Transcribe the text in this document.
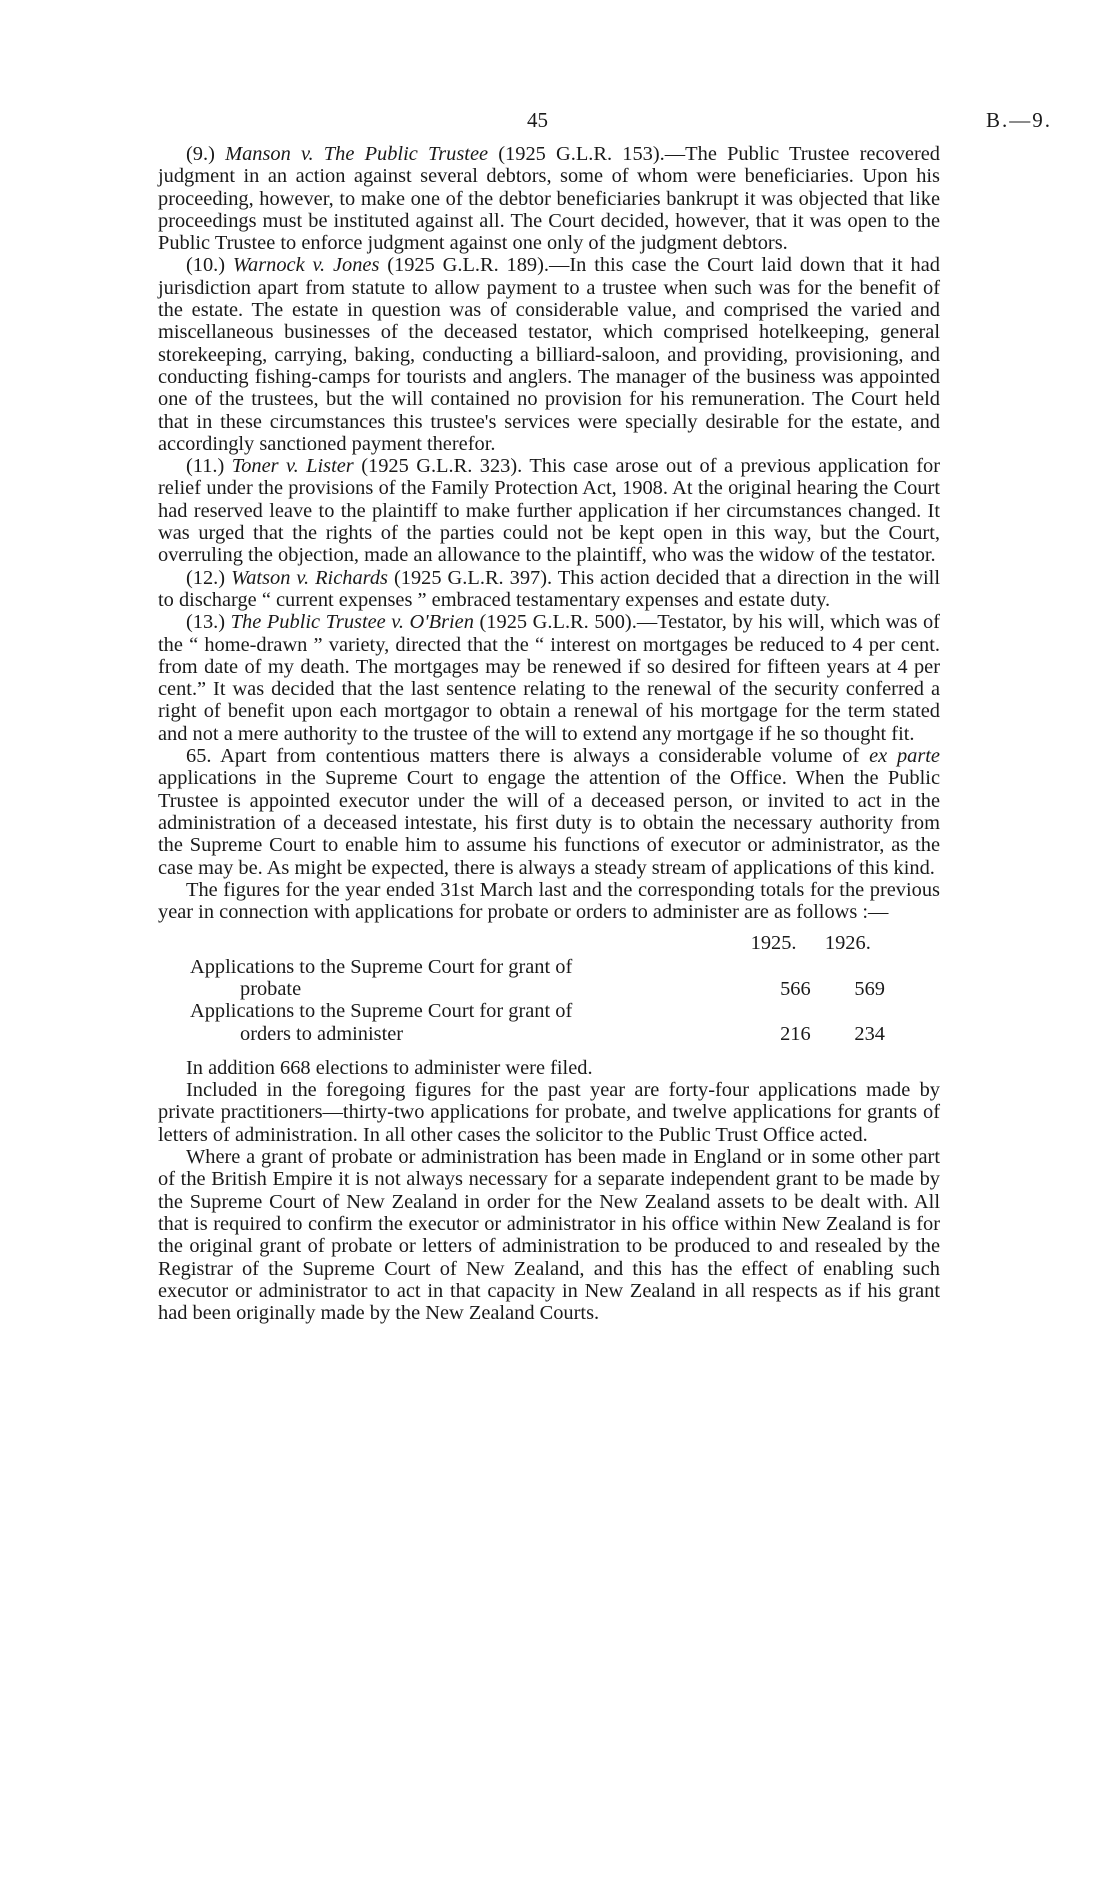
45	B.—9.

(9.) Manson v. The Public Trustee (1925 G.L.R. 153).—The Public Trustee recovered judgment in an action against several debtors, some of whom were beneficiaries. Upon his proceeding, however, to make one of the debtor beneficiaries bankrupt it was objected that like proceedings must be instituted against all. The Court decided, however, that it was open to the Public Trustee to enforce judgment against one only of the judgment debtors.

(10.) Warnock v. Jones (1925 G.L.R. 189).—In this case the Court laid down that it had jurisdiction apart from statute to allow payment to a trustee when such was for the benefit of the estate. The estate in question was of considerable value, and comprised the varied and miscellaneous businesses of the deceased testator, which comprised hotelkeeping, general storekeeping, carrying, baking, conducting a billiard-saloon, and providing, provisioning, and conducting fishing-camps for tourists and anglers. The manager of the business was appointed one of the trustees, but the will contained no provision for his remuneration. The Court held that in these circumstances this trustee's services were specially desirable for the estate, and accordingly sanctioned payment therefor.

(11.) Toner v. Lister (1925 G.L.R. 323). This case arose out of a previous application for relief under the provisions of the Family Protection Act, 1908. At the original hearing the Court had reserved leave to the plaintiff to make further application if her circumstances changed. It was urged that the rights of the parties could not be kept open in this way, but the Court, overruling the objection, made an allowance to the plaintiff, who was the widow of the testator.

(12.) Watson v. Richards (1925 G.L.R. 397). This action decided that a direction in the will to discharge “ current expenses ” embraced testamentary expenses and estate duty.

(13.) The Public Trustee v. O'Brien (1925 G.L.R. 500).—Testator, by his will, which was of the “ home-drawn ” variety, directed that the “ interest on mortgages be reduced to 4 per cent. from date of my death. The mortgages may be renewed if so desired for fifteen years at 4 per cent.” It was decided that the last sentence relating to the renewal of the security conferred a right of benefit upon each mortgagor to obtain a renewal of his mortgage for the term stated and not a mere authority to the trustee of the will to extend any mortgage if he so thought fit.

65. Apart from contentious matters there is always a considerable volume of ex parte applications in the Supreme Court to engage the attention of the Office. When the Public Trustee is appointed executor under the will of a deceased person, or invited to act in the administration of a deceased intestate, his first duty is to obtain the necessary authority from the Supreme Court to enable him to assume his functions of executor or administrator, as the case may be. As might be expected, there is always a steady stream of applications of this kind.

The figures for the year ended 31st March last and the corresponding totals for the previous year in connection with applications for probate or orders to administer are as follows :—

	1925.	1926.

Applications to the Supreme Court for grant of
probate	566	569

Applications to the Supreme Court for grant of
orders to administer	216	234

In addition 668 elections to administer were filed.

Included in the foregoing figures for the past year are forty-four applications made by private practitioners—thirty-two applications for probate, and twelve applications for grants of letters of administration. In all other cases the solicitor to the Public Trust Office acted.

Where a grant of probate or administration has been made in England or in some other part of the British Empire it is not always necessary for a separate independent grant to be made by the Supreme Court of New Zealand in order for the New Zealand assets to be dealt with. All that is required to confirm the executor or administrator in his office within New Zealand is for the original grant of probate or letters of administration to be produced to and resealed by the Registrar of the Supreme Court of New Zealand, and this has the effect of enabling such executor or administrator to act in that capacity in New Zealand in all respects as if his grant had been originally made by the New Zealand Courts.
